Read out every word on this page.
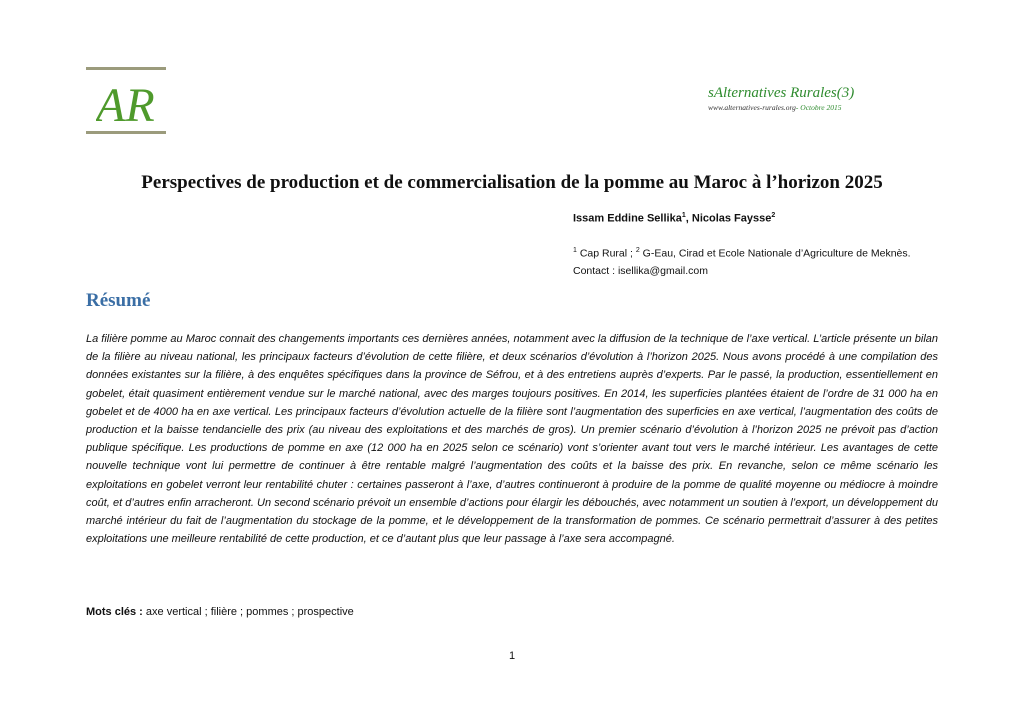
AR	sAlternatives Rurales(3)
www.alternatives-rurales.org- Octobre 2015
Perspectives de production et de commercialisation de la pomme au Maroc à l’horizon 2025
Issam Eddine Sellika$^1$, Nicolas Faysse$^2$
$^1$ Cap Rural ; $^2$ G-Eau, Cirad et Ecole Nationale d’Agriculture de Meknès.
Contact : isellika@gmail.com
Résumé

La filière pomme au Maroc connait des changements importants ces dernières années, notamment avec la diffusion de la technique de l’axe vertical. L’article présente un bilan de la filière au niveau national, les principaux facteurs d’évolution de cette filière, et deux scénarios d’évolution à l’horizon 2025. Nous avons procédé à une compilation des données existantes sur la filière, à des enquêtes spécifiques dans la province de Séfrou, et à des entretiens auprès d’experts. Par le passé, la production, essentiellement en gobelet, était quasiment entièrement vendue sur le marché national, avec des marges toujours positives. En 2014, les superficies plantées étaient de l’ordre de 31 000 ha en gobelet et de 4000 ha en axe vertical. Les principaux facteurs d’évolution actuelle de la filière sont l’augmentation des superficies en axe vertical, l’augmentation des coûts de production et la baisse tendancielle des prix (au niveau des exploitations et des marchés de gros). Un premier scénario d’évolution à l’horizon 2025 ne prévoit pas d’action publique spécifique. Les productions de pomme en axe (12 000 ha en 2025 selon ce scénario) vont s’orienter avant tout vers le marché intérieur. Les avantages de cette nouvelle technique vont lui permettre de continuer à être rentable malgré l’augmentation des coûts et la baisse des prix. En revanche, selon ce même scénario les exploitations en gobelet verront leur rentabilité chuter : certaines passeront à l’axe, d’autres continueront à produire de la pomme de qualité moyenne ou médiocre à moindre coût, et d’autres enfin arracheront. Un second scénario prévoit un ensemble d’actions pour élargir les débouchés, avec notamment un soutien à l’export, un développement du marché intérieur du fait de l’augmentation du stockage de la pomme, et le développement de la transformation de pommes. Ce scénario permettrait d’assurer à des petites exploitations une meilleure rentabilité de cette production, et ce d’autant plus que leur passage à l’axe sera accompagné.

Mots clés : axe vertical ; filière ; pommes ; prospective
1
